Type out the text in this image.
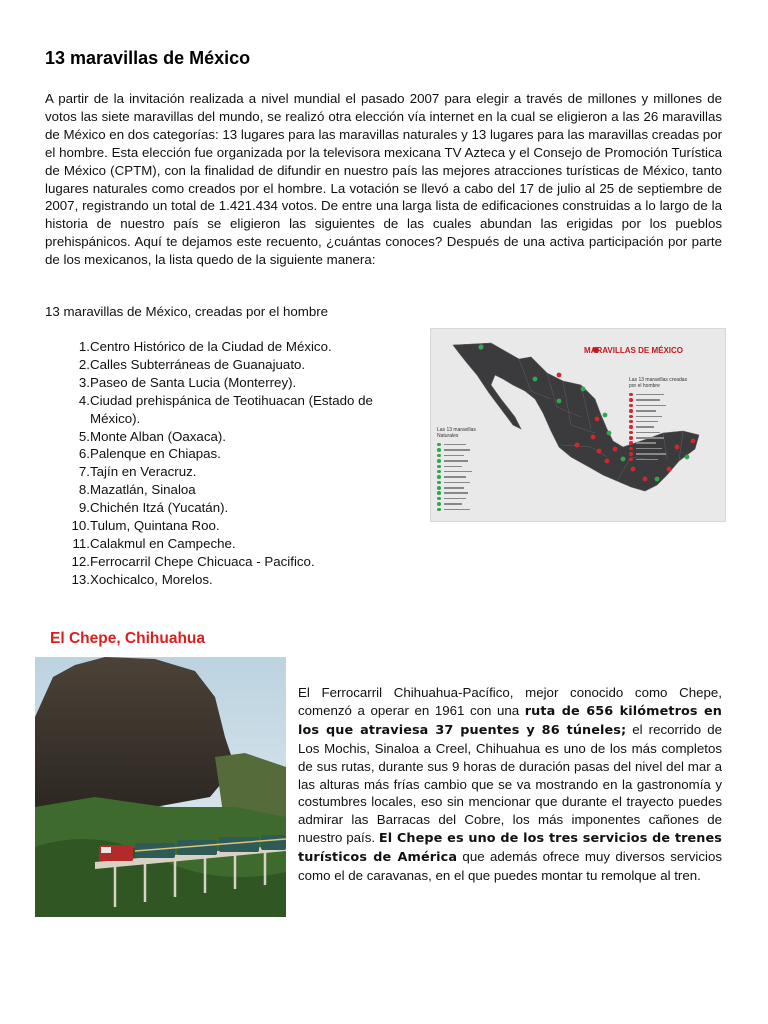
13 maravillas de México

A partir de la invitación realizada a nivel mundial el pasado 2007 para elegir a través de millones y millones de votos las siete maravillas del mundo, se realizó otra elección vía internet en la cual se eligieron a las 26 maravillas de México en dos categorías: 13 lugares para las maravillas naturales y 13 lugares para las maravillas creadas por el hombre. Esta elección fue organizada por la televisora mexicana TV Azteca y el Consejo de Promoción Turística de México (CPTM), con la finalidad de difundir en nuestro país las mejores atracciones turísticas de México, tanto lugares naturales como creados por el hombre. La votación se llevó a cabo del 17 de julio al 25 de septiembre de 2007, registrando un total de 1.421.434 votos. De entre una larga lista de edificaciones construidas a lo largo de la historia de nuestro país se eligieron las siguientes de las cuales abundan las erigidas por los pueblos prehispánicos. Aquí te dejamos este recuento, ¿cuántas conoces? Después de una activa participación por parte de los mexicanos, la lista quedo de la siguiente manera:

13 maravillas de México, creadas por el hombre
1. Centro Histórico de la Ciudad de México.
2. Calles Subterráneas de Guanajuato.
3. Paseo de Santa Lucia (Monterrey).
4. Ciudad prehispánica de Teotihuacan (Estado de México).
5. Monte Alban (Oaxaca).
6. Palenque en Chiapas.
7. Tajín en Veracruz.
8. Mazatlán, Sinaloa
9. Chichén Itzá (Yucatán).
10. Tulum, Quintana Roo.
11. Calakmul en Campeche.
12. Ferrocarril Chepe Chicuaca - Pacifico.
13. Xochicalco, Morelos.
MARAVILLAS DE MÉXICO
Las 13 maravillas creadas por el hombre
Las 13 maravillas Naturales
El Chepe, Chihuahua

El Ferrocarril Chihuahua-Pacífico, mejor conocido como Chepe, comenzó a operar en 1961 con una ruta de 656 kilómetros en los que atraviesa 37 puentes y 86 túneles; el recorrido de Los Mochis, Sinaloa a Creel, Chihuahua es uno de los más completos de sus rutas, durante sus 9 horas de duración pasas del nivel del mar a las alturas más frías cambio que se va mostrando en la gastronomía y costumbres locales, eso sin mencionar que durante el trayecto puedes admirar las Barracas del Cobre, los más imponentes cañones de nuestro país. El Chepe es uno de los tres servicios de trenes turísticos de América que además ofrece muy diversos servicios como el de caravanas, en el que puedes montar tu remolque al tren.
